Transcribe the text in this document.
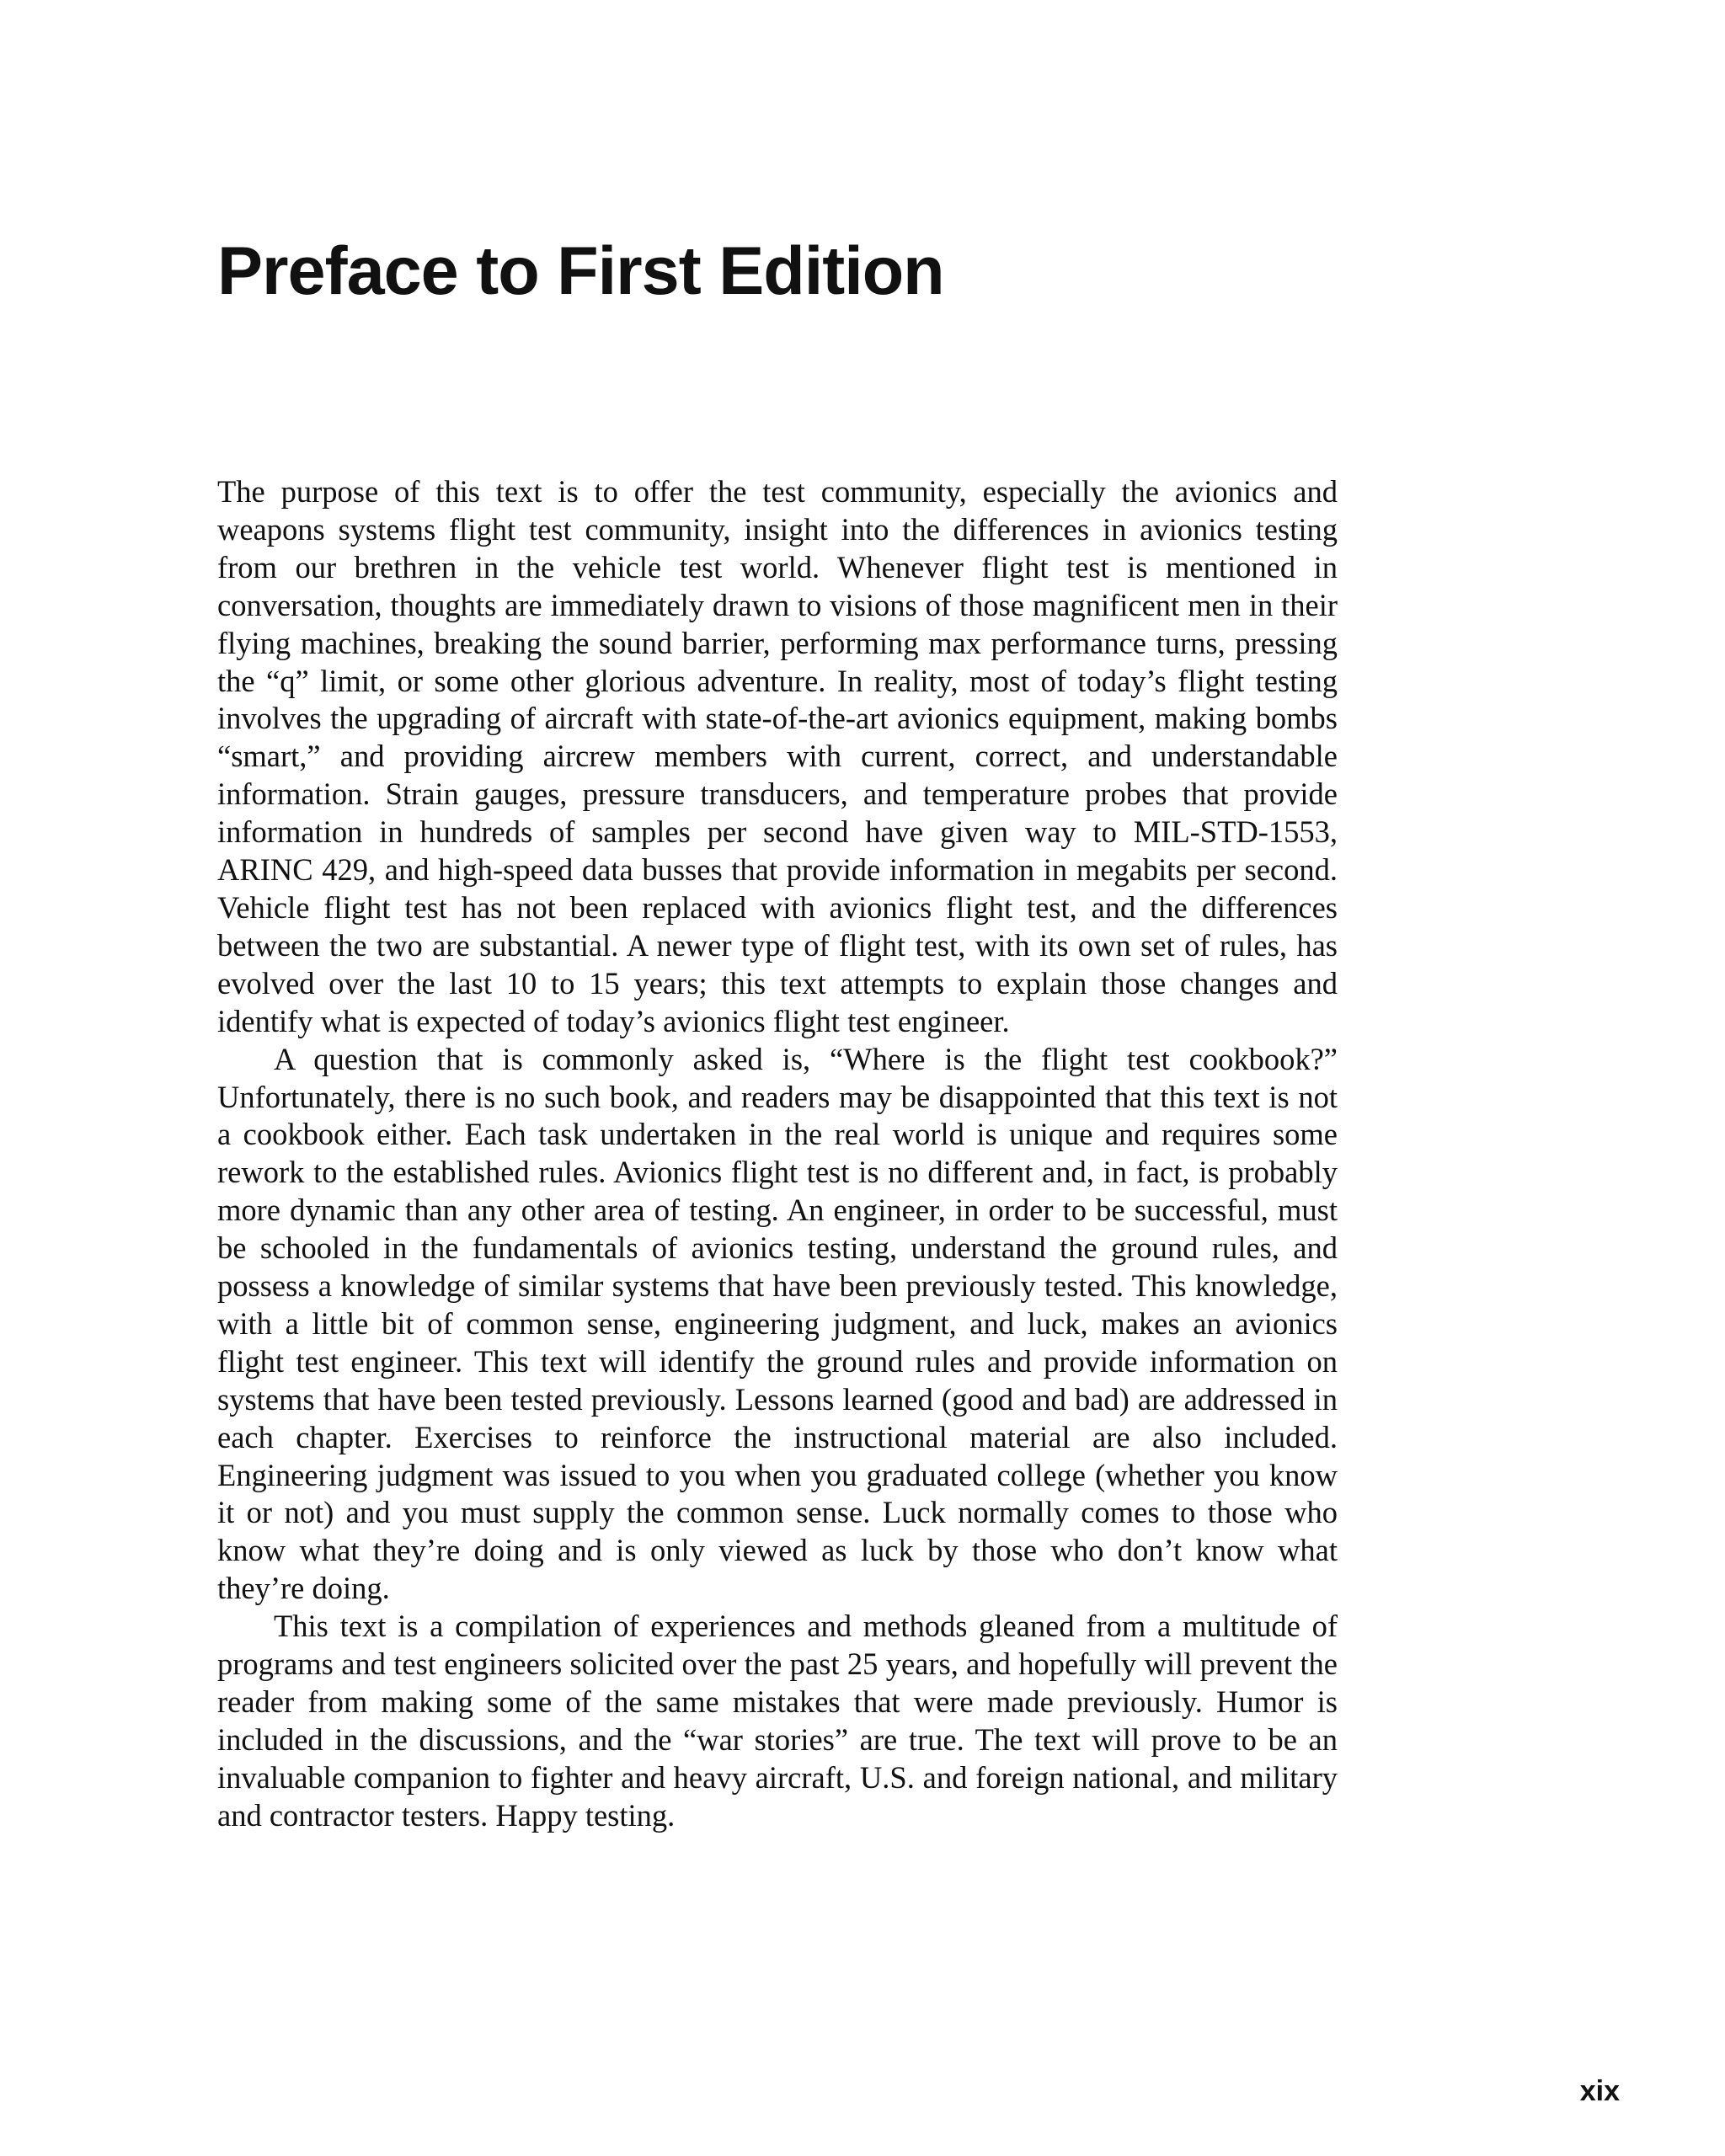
Preface to First Edition

The purpose of this text is to offer the test community, especially the avionics and weapons systems flight test community, insight into the differences in avionics testing from our brethren in the vehicle test world. Whenever flight test is mentioned in conversation, thoughts are immediately drawn to visions of those magnificent men in their flying machines, breaking the sound barrier, performing max performance turns, pressing the “q” limit, or some other glorious adventure. In reality, most of today’s flight testing involves the upgrading of aircraft with state-of-the-art avionics equipment, making bombs “smart,” and providing aircrew members with current, correct, and understandable information. Strain gauges, pressure transducers, and temperature probes that provide information in hundreds of samples per second have given way to MIL-STD-1553, ARINC 429, and high-speed data busses that provide information in megabits per second. Vehicle flight test has not been replaced with avionics flight test, and the differences between the two are substantial. A newer type of flight test, with its own set of rules, has evolved over the last 10 to 15 years; this text attempts to explain those changes and identify what is expected of today’s avionics flight test engineer.

A question that is commonly asked is, “Where is the flight test cookbook?” Unfortunately, there is no such book, and readers may be disappointed that this text is not a cookbook either. Each task undertaken in the real world is unique and requires some rework to the established rules. Avionics flight test is no different and, in fact, is probably more dynamic than any other area of testing. An engineer, in order to be successful, must be schooled in the fundamentals of avionics testing, understand the ground rules, and possess a knowledge of similar systems that have been previously tested. This knowledge, with a little bit of common sense, engineering judgment, and luck, makes an avionics flight test engineer. This text will identify the ground rules and provide information on systems that have been tested previously. Lessons learned (good and bad) are addressed in each chapter. Exercises to reinforce the instructional material are also included. Engineering judgment was issued to you when you graduated college (whether you know it or not) and you must supply the common sense. Luck normally comes to those who know what they’re doing and is only viewed as luck by those who don’t know what they’re doing.

This text is a compilation of experiences and methods gleaned from a multitude of programs and test engineers solicited over the past 25 years, and hopefully will prevent the reader from making some of the same mistakes that were made previously. Humor is included in the discussions, and the “war stories” are true. The text will prove to be an invaluable companion to fighter and heavy aircraft, U.S. and foreign national, and military and contractor testers. Happy testing.

xix
